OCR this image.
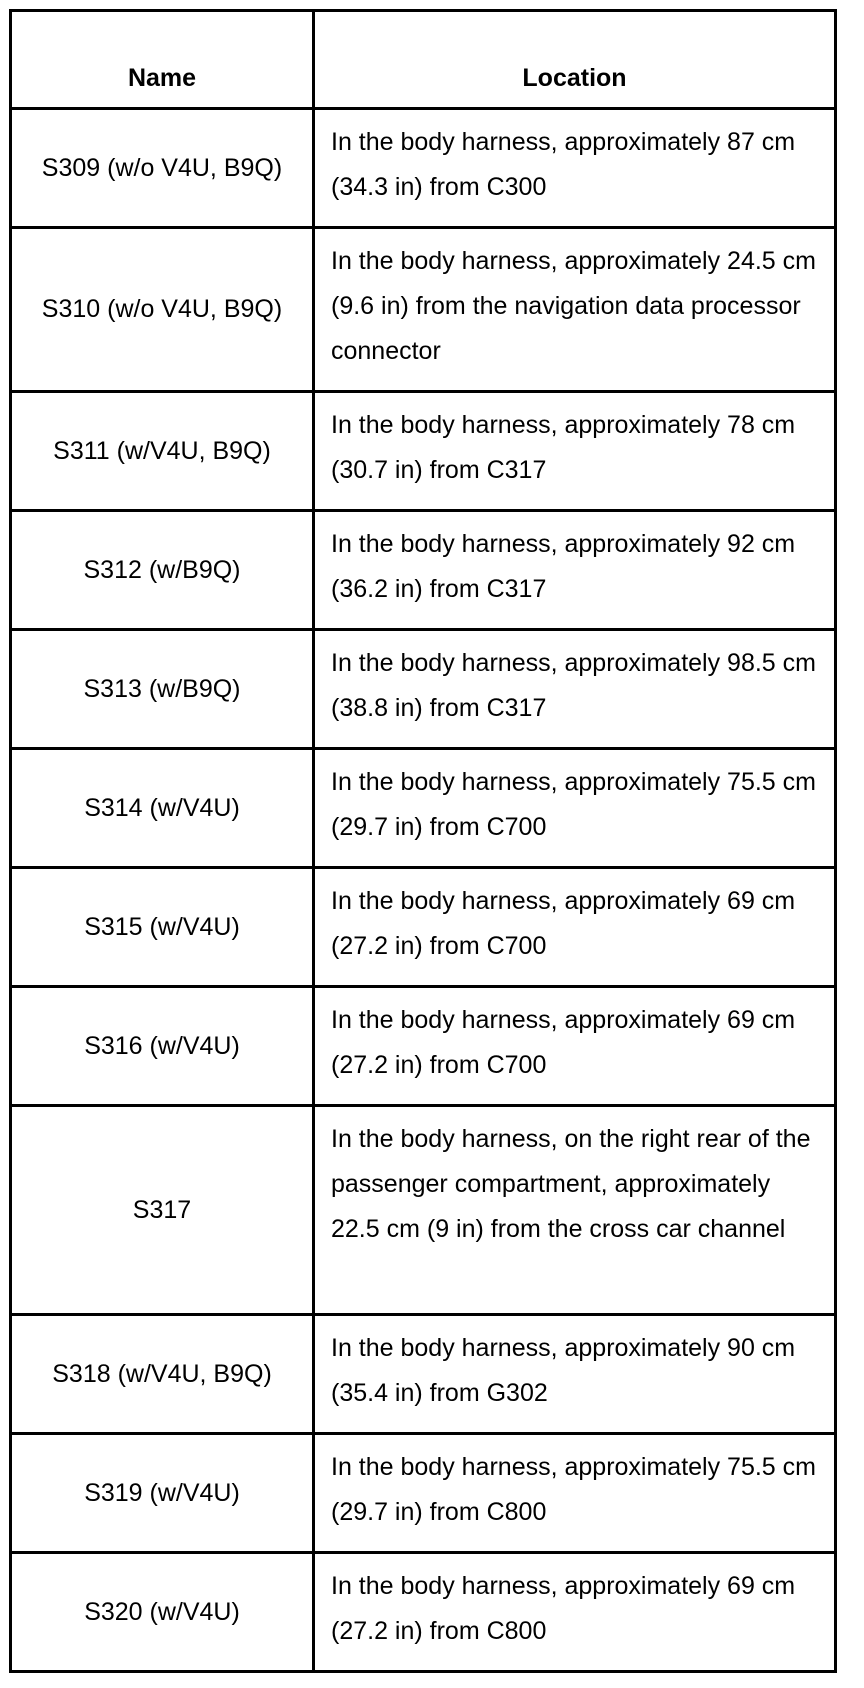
Name	Location
S309 (w/o V4U, B9Q)	In the body harness, approximately 87 cm (34.3 in) from C300
S310 (w/o V4U, B9Q)	In the body harness, approximately 24.5 cm (9.6 in) from the navigation data processor connector
S311 (w/V4U, B9Q)	In the body harness, approximately 78 cm (30.7 in) from C317
S312 (w/B9Q)	In the body harness, approximately 92 cm (36.2 in) from C317
S313 (w/B9Q)	In the body harness, approximately 98.5 cm (38.8 in) from C317
S314 (w/V4U)	In the body harness, approximately 75.5 cm (29.7 in) from C700
S315 (w/V4U)	In the body harness, approximately 69 cm (27.2 in) from C700
S316 (w/V4U)	In the body harness, approximately 69 cm (27.2 in) from C700
S317	In the body harness, on the right rear of the passenger compartment, approximately 22.5 cm (9 in) from the cross car channel
S318 (w/V4U, B9Q)	In the body harness, approximately 90 cm (35.4 in) from G302
S319 (w/V4U)	In the body harness, approximately 75.5 cm (29.7 in) from C800
S320 (w/V4U)	In the body harness, approximately 69 cm (27.2 in) from C800
